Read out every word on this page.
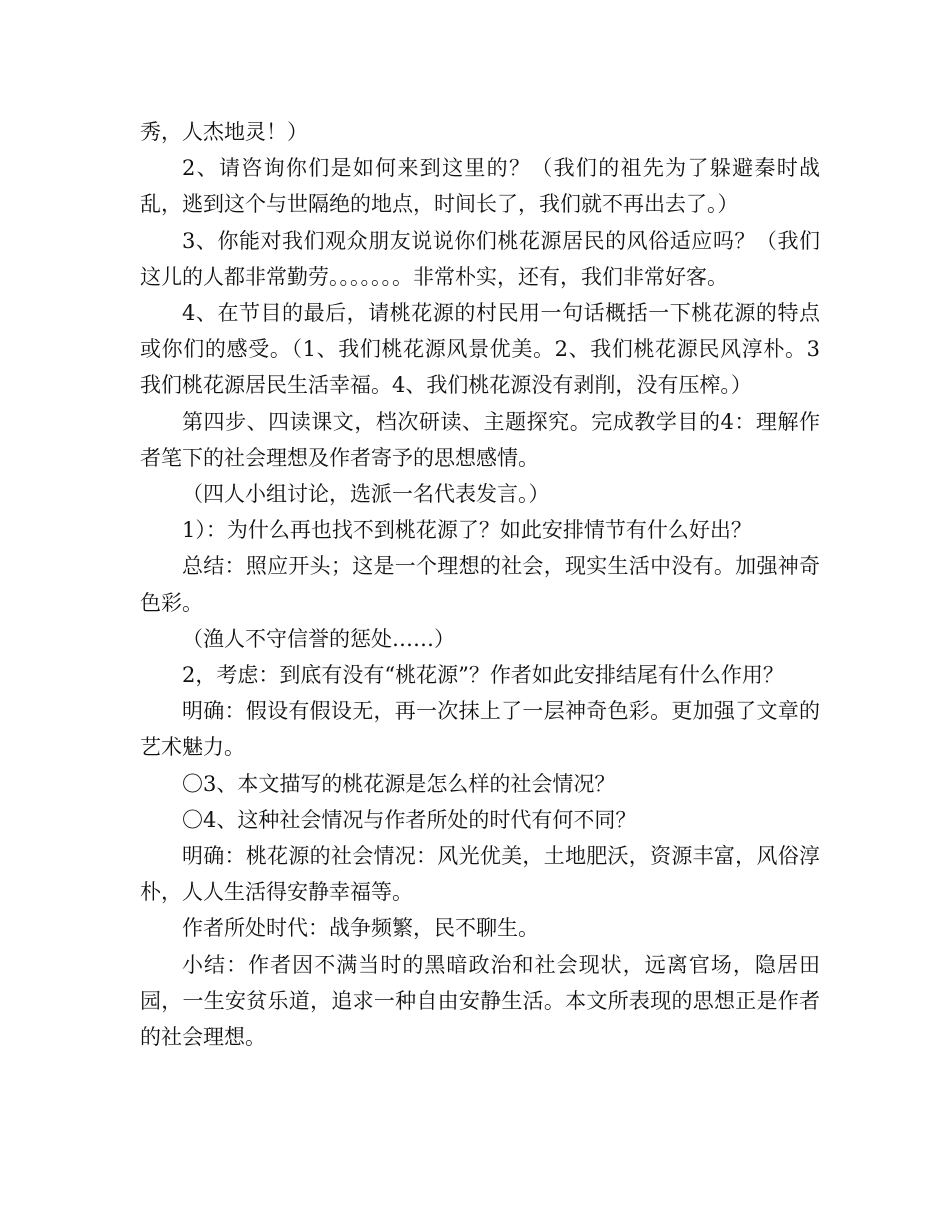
秀，人杰地灵！）

2、请咨询你们是如何来到这里的？（我们的祖先为了躲避秦时战乱，逃到这个与世隔绝的地点，时间长了，我们就不再出去了。）

3、你能对我们观众朋友说说你们桃花源居民的风俗适应吗？（我们这儿的人都非常勤劳。。。。。。。非常朴实，还有，我们非常好客。

4、在节目的最后，请桃花源的村民用一句话概括一下桃花源的特点或你们的感受。（1、我们桃花源风景优美。2、我们桃花源民风淳朴。3我们桃花源居民生活幸福。4、我们桃花源没有剥削，没有压榨。）

第四步、四读课文，档次研读、主题探究。完成教学目的4：理解作者笔下的社会理想及作者寄予的思想感情。

（四人小组讨论，选派一名代表发言。）

1）：为什么再也找不到桃花源了？如此安排情节有什么好出？

总结：照应开头；这是一个理想的社会，现实生活中没有。加强神奇色彩。

（渔人不守信誉的惩处……）

2，考虑：到底有没有“桃花源”？作者如此安排结尾有什么作用？

明确：假设有假设无，再一次抹上了一层神奇色彩。更加强了文章的艺术魅力。

〇3、本文描写的桃花源是怎么样的社会情况？

〇4、这种社会情况与作者所处的时代有何不同？

明确：桃花源的社会情况：风光优美，土地肥沃，资源丰富，风俗淳朴，人人生活得安静幸福等。

作者所处时代：战争频繁，民不聊生。

小结：作者因不满当时的黑暗政治和社会现状，远离官场，隐居田园，一生安贫乐道，追求一种自由安静生活。本文所表现的思想正是作者的社会理想。
